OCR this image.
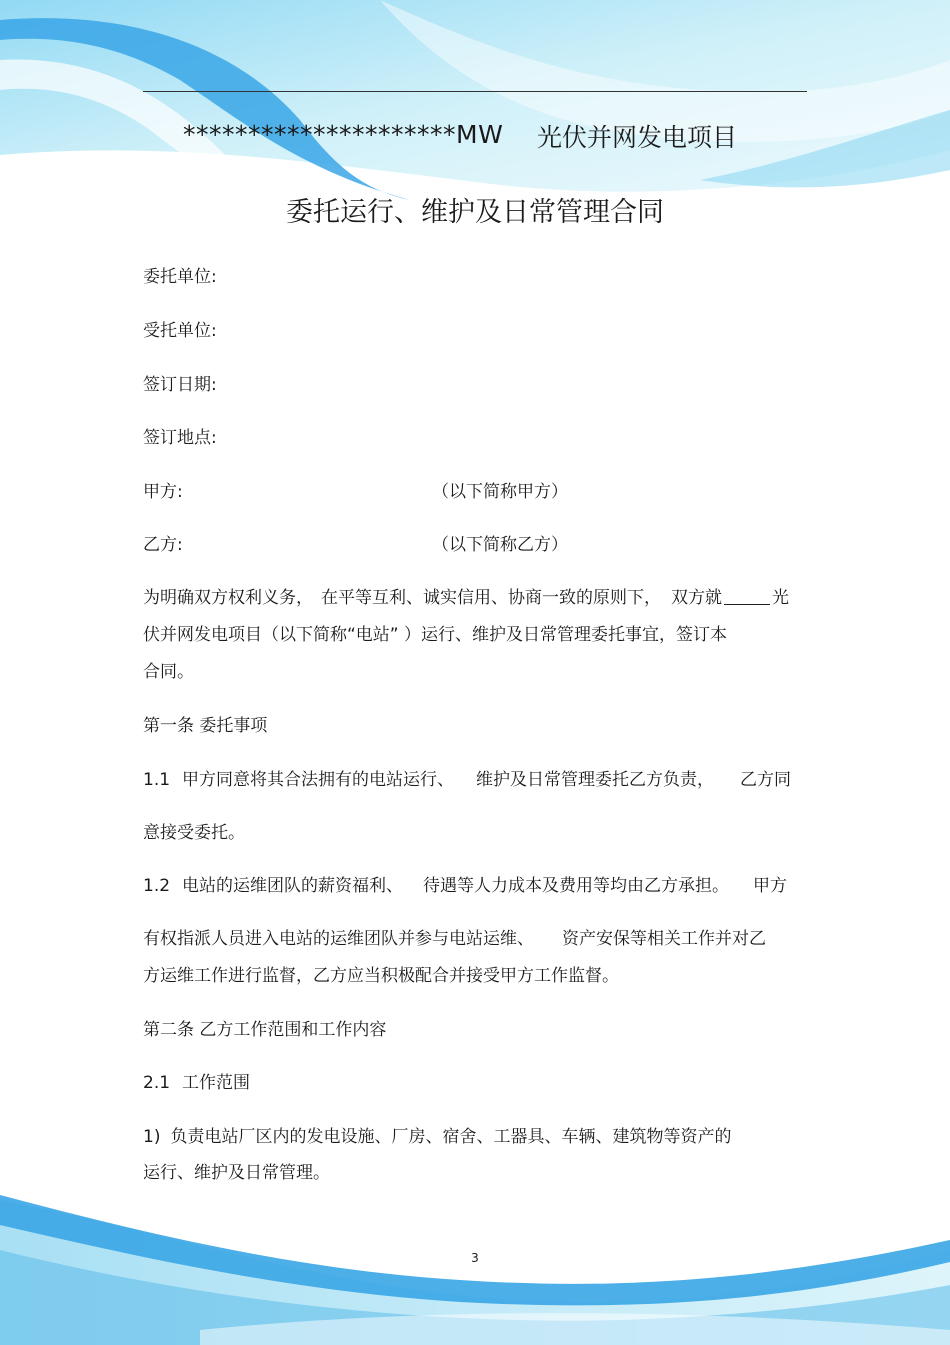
*********************MW 光伏并网发电项目
委托运行、维护及日常管理合同
委托单位:
受托单位:
签订日期:
签订地点:
甲方:	（以下简称甲方）
乙方:	（以下简称乙方）
为明确双方权利义务， 在平等互利、诚实信用、协商一致的原则下， 双方就	光
伏并网发电项目（以下简称“电站” ）运行、维护及日常管理委托事宜，签订本
合同。
第一条 委托事项
1.1 甲方同意将其合法拥有的电站运行、 维护及日常管理委托乙方负责， 乙方同
意接受委托。
1.2 电站的运维团队的薪资福利、 待遇等人力成本及费用等均由乙方承担。 甲方
有权指派人员进入电站的运维团队并参与电站运维、 资产安保等相关工作并对乙
方运维工作进行监督，乙方应当积极配合并接受甲方工作监督。
第二条 乙方工作范围和工作内容
2.1 工作范围
1) 负责电站厂区内的发电设施、厂房、宿舍、工器具、车辆、建筑物等资产的
运行、维护及日常管理。
3
